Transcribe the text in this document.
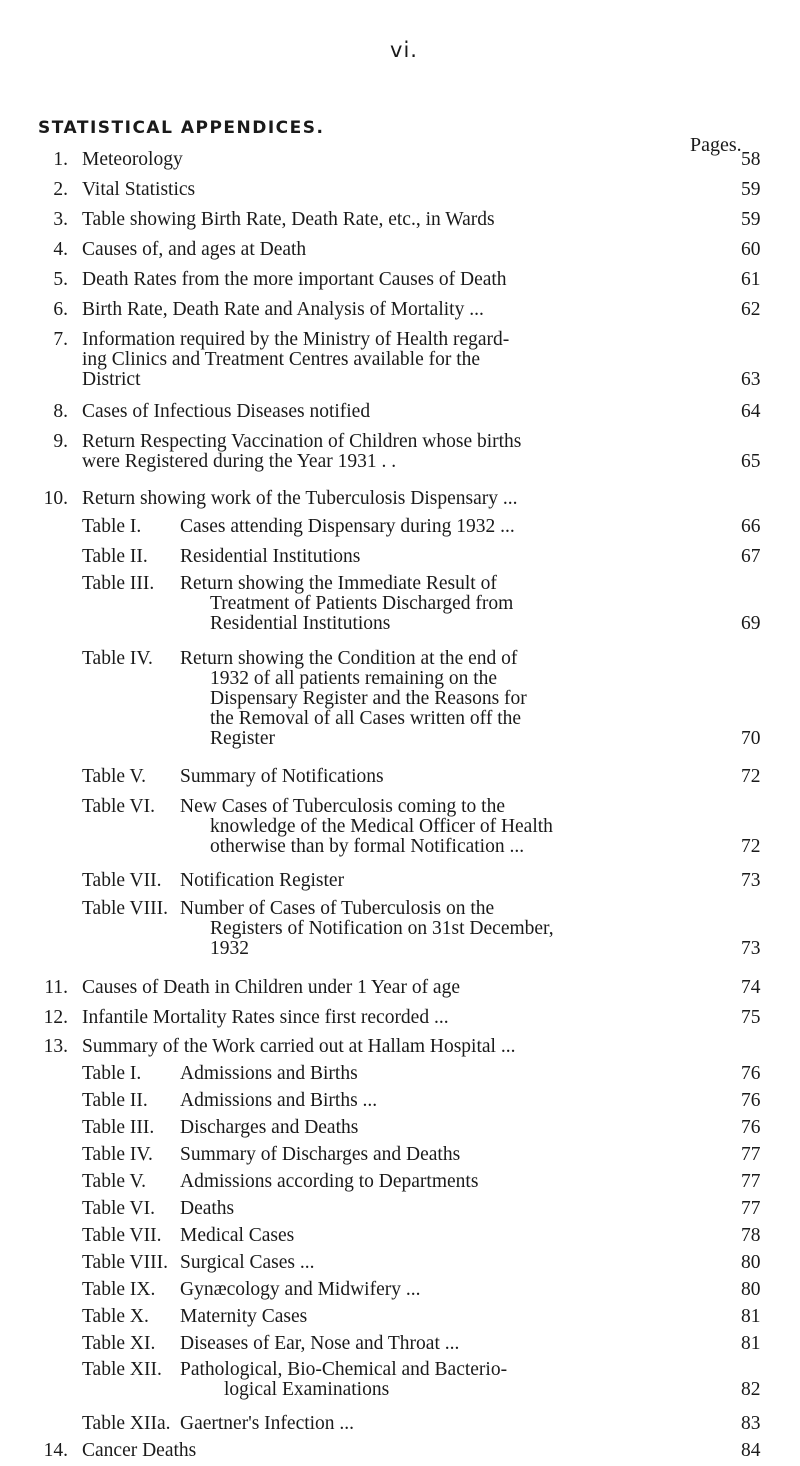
vi.
STATISTICAL APPENDICES.
Pages.
1. Meteorology	58
2. Vital Statistics	59
3. Table showing Birth Rate, Death Rate, etc., in Wards	59
4. Causes of, and ages at Death	60
5. Death Rates from the more important Causes of Death	61
6. Birth Rate, Death Rate and Analysis of Mortality ...	62
7. Information required by the Ministry of Health regard-
ing Clinics and Treatment Centres available for the
District	63
8. Cases of Infectious Diseases notified	64
9. Return Respecting Vaccination of Children whose births
were Registered during the Year 1931 . .	65
10. Return showing work of the Tuberculosis Dispensary ...
Table I. Cases attending Dispensary during 1932 ...	66
Table II. Residential Institutions	67
Table III. Return showing the Immediate Result of
Treatment of Patients Discharged from
Residential Institutions	69
Table IV. Return showing the Condition at the end of
1932 of all patients remaining on the
Dispensary Register and the Reasons for
the Removal of all Cases written off the
Register	70
Table V. Summary of Notifications	72
Table VI. New Cases of Tuberculosis coming to the
knowledge of the Medical Officer of Health
otherwise than by formal Notification ...	72
Table VII. Notification Register	73
Table VIII. Number of Cases of Tuberculosis on the
Registers of Notification on 31st December,
1932	73
11. Causes of Death in Children under 1 Year of age	74
12. Infantile Mortality Rates since first recorded ...	75
13. Summary of the Work carried out at Hallam Hospital ...
Table I. Admissions and Births	76
Table II. Admissions and Births ...	76
Table III. Discharges and Deaths	76
Table IV. Summary of Discharges and Deaths	77
Table V. Admissions according to Departments	77
Table VI. Deaths	77
Table VII. Medical Cases	78
Table VIII. Surgical Cases ...	80
Table IX. Gynæcology and Midwifery ...	80
Table X. Maternity Cases	81
Table XI. Diseases of Ear, Nose and Throat ...	81
Table XII. Pathological, Bio-Chemical and Bacterio-
logical Examinations	82
Table XIIa. Gaertner's Infection ...	83
14. Cancer Deaths	84
